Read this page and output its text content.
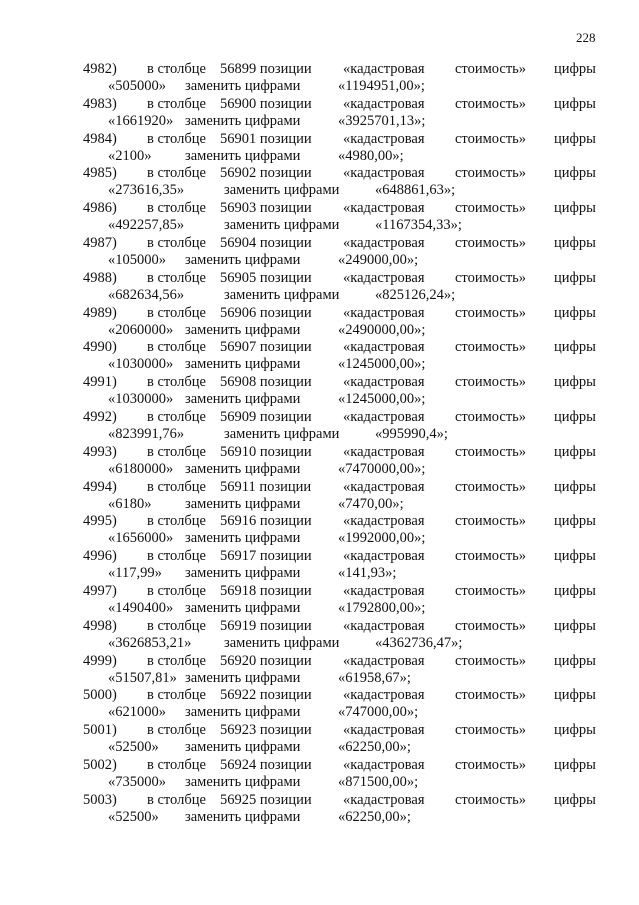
228
4982) в столбце 56899 позиции «кадастровая стоимость» цифры
«505000» заменить цифрами	«1194951,00»;
4983) в столбце 56900 позиции «кадастровая стоимость» цифры
«1661920» заменить цифрами	«3925701,13»;
4984) в столбце 56901 позиции «кадастровая стоимость» цифры
«2100» заменить цифрами	«4980,00»;
4985) в столбце 56902 позиции «кадастровая стоимость» цифры
«273616,35»	заменить цифрами «648861,63»;
4986) в столбце 56903 позиции «кадастровая стоимость» цифры
«492257,85»	заменить цифрами «1167354,33»;
4987) в столбце 56904 позиции «кадастровая стоимость» цифры
«105000» заменить цифрами	«249000,00»;
4988) в столбце 56905 позиции «кадастровая стоимость» цифры
«682634,56»	заменить цифрами «825126,24»;
4989) в столбце 56906 позиции «кадастровая стоимость» цифры
«2060000» заменить цифрами	«2490000,00»;
4990) в столбце 56907 позиции «кадастровая стоимость» цифры
«1030000» заменить цифрами	«1245000,00»;
4991) в столбце 56908 позиции «кадастровая стоимость» цифры
«1030000» заменить цифрами	«1245000,00»;
4992) в столбце 56909 позиции «кадастровая стоимость» цифры
«823991,76»	заменить цифрами «995990,4»;
4993) в столбце 56910 позиции «кадастровая стоимость» цифры
«6180000» заменить цифрами	«7470000,00»;
4994) в столбце 56911 позиции «кадастровая стоимость» цифры
«6180» заменить цифрами	«7470,00»;
4995) в столбце 56916 позиции «кадастровая стоимость» цифры
«1656000» заменить цифрами	«1992000,00»;
4996) в столбце 56917 позиции «кадастровая стоимость» цифры
«117,99» заменить цифрами	«141,93»;
4997) в столбце 56918 позиции «кадастровая стоимость» цифры
«1490400» заменить цифрами	«1792800,00»;
4998) в столбце 56919 позиции «кадастровая стоимость» цифры
«3626853,21» заменить цифрами «4362736,47»;
4999) в столбце 56920 позиции «кадастровая стоимость» цифры
«51507,81» заменить цифрами	«61958,67»;
5000) в столбце 56922 позиции «кадастровая стоимость» цифры
«621000» заменить цифрами	«747000,00»;
5001) в столбце 56923 позиции «кадастровая стоимость» цифры
«52500» заменить цифрами	«62250,00»;
5002) в столбце 56924 позиции «кадастровая стоимость» цифры
«735000» заменить цифрами	«871500,00»;
5003) в столбце 56925 позиции «кадастровая стоимость» цифры
«52500» заменить цифрами	«62250,00»;
